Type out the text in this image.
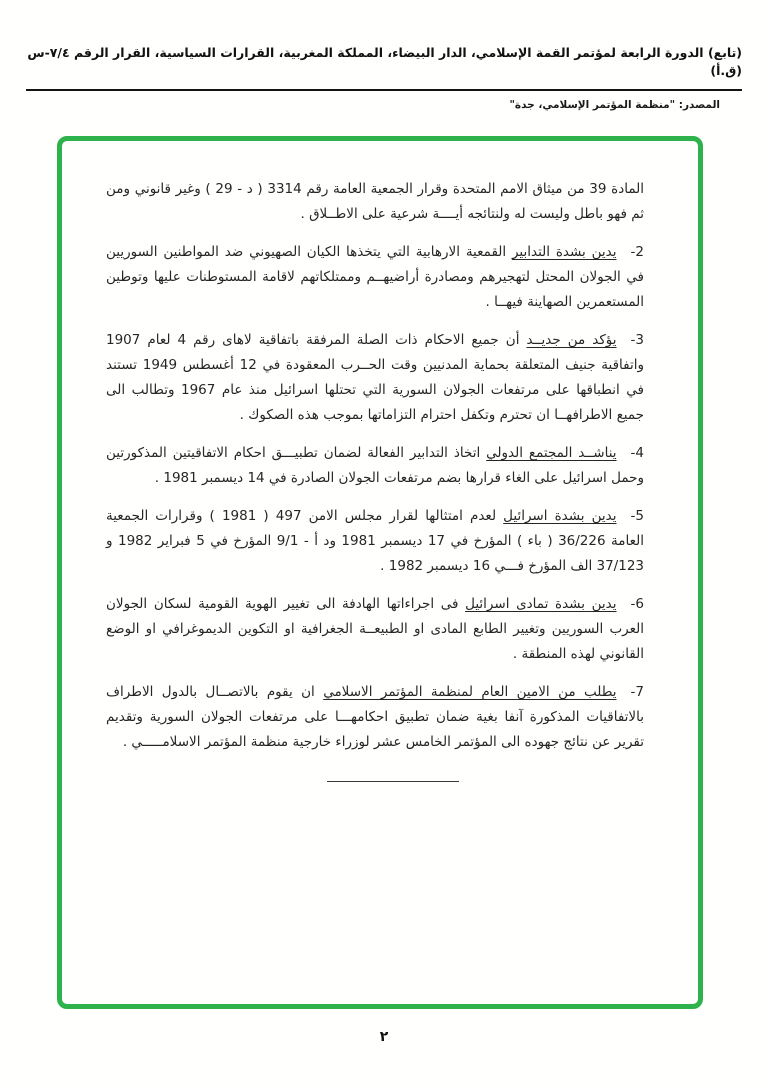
(تابع) الدورة الرابعة لمؤتمر القمة الإسلامي، الدار البيضاء، المملكة المغربية، القرارات السياسية، القرار الرقم ٧/٤-س (ق.أ)
المصدر: "منظمة المؤتمر الإسلامي، جدة"

المادة 39 من ميثاق الامم المتحدة وقرار الجمعية العامة رقم 3314 ( د - 29 ) وغير قانوني ومن ثم فهو باطل وليست له ولنتائجه أيــــة شرعية على الاطــلاق .

2-يدين بشدة التدابير القمعية الارهابية التي يتخذها الكيان الصهيوني ضد المواطنين السوريين في الجولان المحتل لتهجيرهم ومصادرة أراضيهــم وممتلكاتهم لاقامة المستوطنات عليها وتوطين المستعمرين الصهاينة فيهــا .

3-يؤكد من جديــد أن جميع الاحكام ذات الصلة المرفقة باتفاقية لاهاى رقم 4 لعام 1907 واتفاقية جنيف المتعلقة بحماية المدنيين وقت الحــرب المعقودة في 12 أغسطس 1949 تستند في انطباقها على مرتفعات الجولان السورية التي تحتلها اسرائيل منذ عام 1967 وتطالب الى جميع الاطرافهــا ان تحترم وتكفل احترام التزاماتها بموجب هذه الصكوك .

4-يناشــد المجتمع الدولي اتخاذ التدابير الفعالة لضمان تطبيـــق احكام الاتفاقيتين المذكورتين وحمل اسرائيل على الغاء قرارها بضم مرتفعات الجولان الصادرة في 14 ديسمبر 1981 .

5-يدين بشدة اسرائيل لعدم امتثالها لقرار مجلس الامن 497 ( 1981 ) وقرارات الجمعية العامة 36/226 ( باء ) المؤرخ في 17 ديسمبر 1981 ود أ - 9/1 المؤرخ في 5 فبراير 1982 و 37/123 الف المؤرخ فـــي 16 ديسمبر 1982 .

6-يدين بشدة تمادى اسرائيل فى اجراءاتها الهادفة الى تغيير الهوية القومية لسكان الجولان العرب السوريين وتغيير الطابع المادى او الطبيعــة الجغرافية او التكوين الديموغرافي او الوضع القانوني لهذه المنطقة .

7-يطلب من الامين العام لمنظمة المؤتمر الاسلامي ان يقوم بالاتصــال بالدول الاطراف بالاتفاقيات المذكورة آنفا بغية ضمان تطبيق احكامهـــا على مرتفعات الجولان السورية وتقديم تقرير عن نتائج جهوده الى المؤتمر الخامس عشر لوزراء خارجية منظمة المؤتمر الاسلامـــــي .

٢
